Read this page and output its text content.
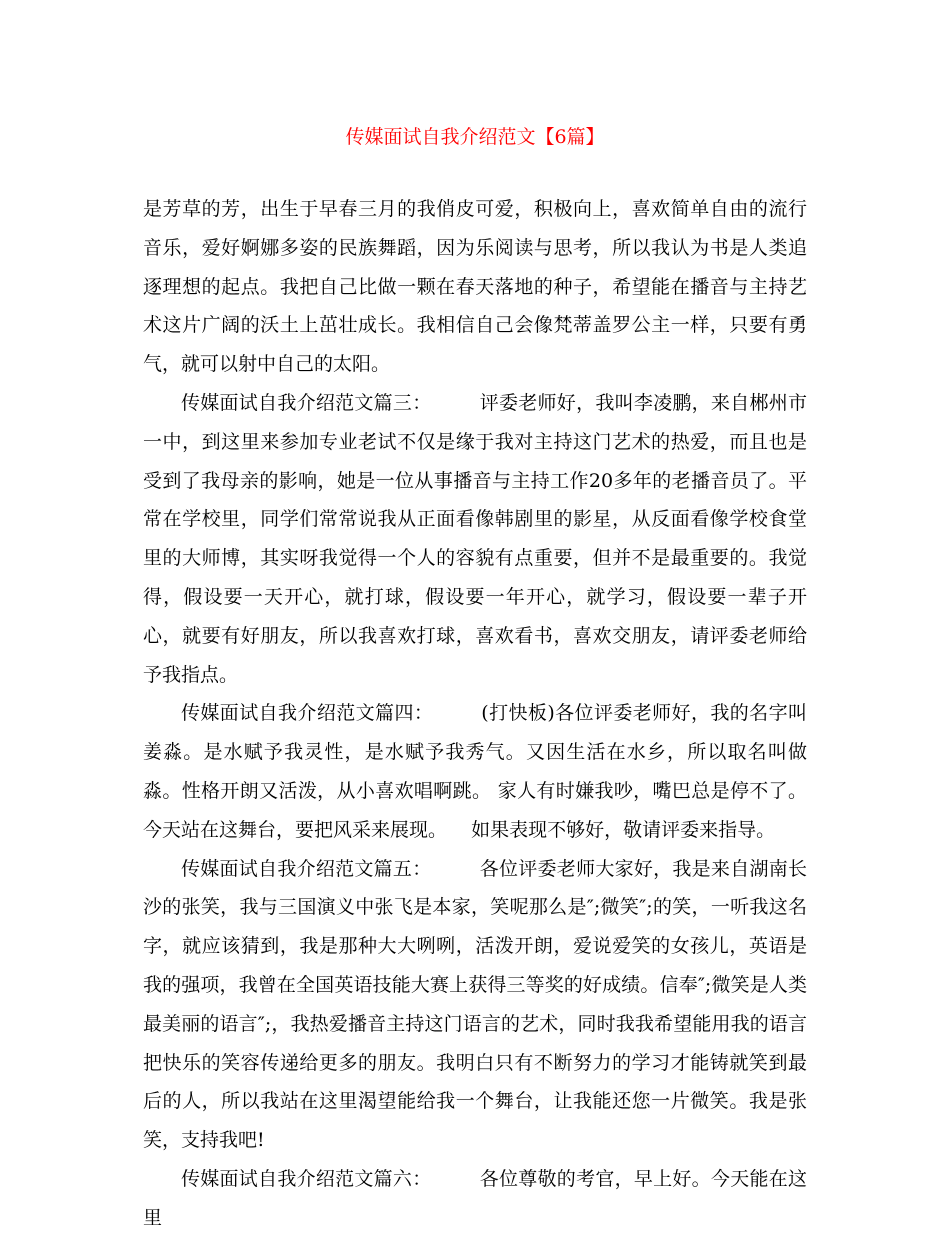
传媒面试自我介绍范文【6篇】

是芳草的芳，出生于早春三月的我俏皮可爱，积极向上，喜欢简单自由的流行音乐，爱好婀娜多姿的民族舞蹈，因为乐阅读与思考，所以我认为书是人类追逐理想的起点。我把自己比做一颗在春天落地的种子，希望能在播音与主持艺术这片广阔的沃土上茁壮成长。我相信自己会像梵蒂盖罗公主一样，只要有勇气，就可以射中自己的太阳。

传媒面试自我介绍范文篇三：	评委老师好，我叫李凌鹏，来自郴州市一中，到这里来参加专业老试不仅是缘于我对主持这门艺术的热爱，而且也是受到了我母亲的影响，她是一位从事播音与主持工作20多年的老播音员了。平常在学校里，同学们常常说我从正面看像韩剧里的影星，从反面看像学校食堂里的大师博，其实呀我觉得一个人的容貌有点重要，但并不是最重要的。我觉得，假设要一天开心，就打球，假设要一年开心，就学习，假设要一辈子开心，就要有好朋友，所以我喜欢打球，喜欢看书，喜欢交朋友，请评委老师给予我指点。

传媒面试自我介绍范文篇四：	(打快板)各位评委老师好，我的名字叫姜淼。是水赋予我灵性，是水赋予我秀气。又因生活在水乡，所以取名叫做淼。性格开朗又活泼，从小喜欢唱啊跳。 家人有时嫌我吵，嘴巴总是停不了。 今天站在这舞台，要把风采来展现。    如果表现不够好，敬请评委来指导。

传媒面试自我介绍范文篇五：	各位评委老师大家好，我是来自湖南长沙的张笑，我与三国演义中张飞是本家，笑呢那么是″;微笑″;的笑，一听我这名字，就应该猜到，我是那种大大咧咧，活泼开朗，爱说爱笑的女孩儿，英语是我的强项，我曾在全国英语技能大赛上获得三等奖的好成绩。信奉″;微笑是人类最美丽的语言″;，我热爱播音主持这门语言的艺术，同时我我希望能用我的语言把快乐的笑容传递给更多的朋友。我明白只有不断努力的学习才能铸就笑到最后的人，所以我站在这里渴望能给我一个舞台，让我能还您一片微笑。我是张笑，支持我吧!

传媒面试自我介绍范文篇六：	各位尊敬的考官，早上好。今天能在这里
